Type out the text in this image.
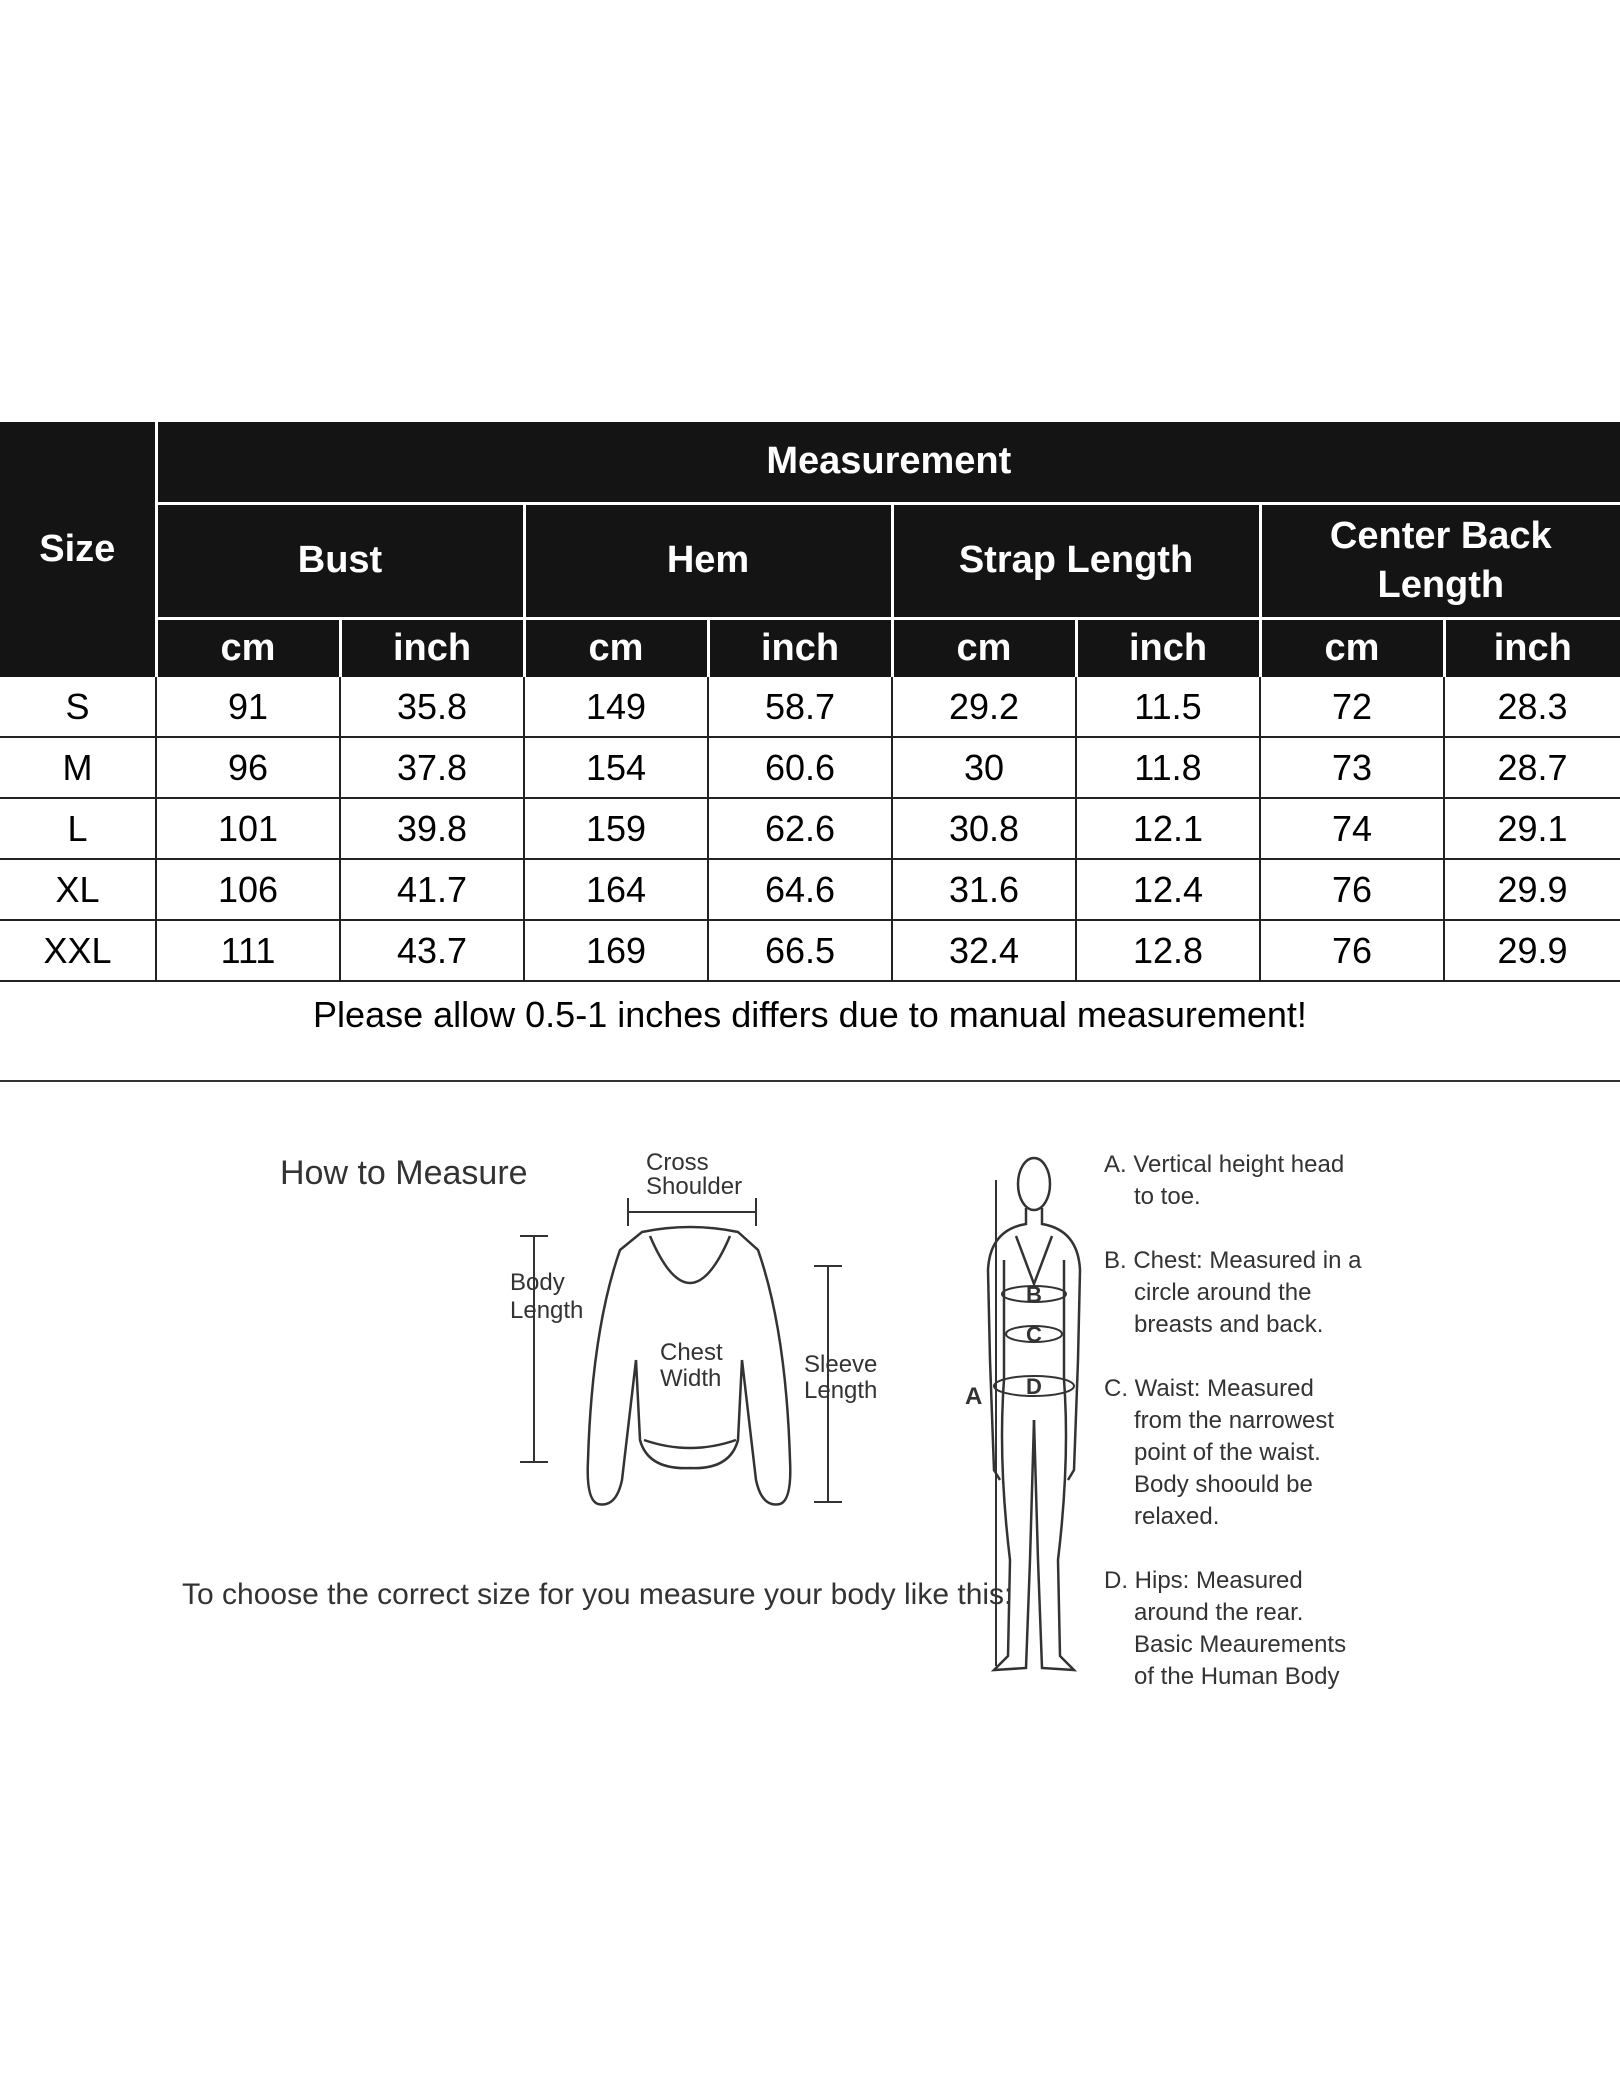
Size	Measurement							
	Bust		Hem		Strap Length		Center Back Length	
	cm	inch	cm	inch	cm	inch	cm	inch
S	91	35.8	149	58.7	29.2	11.5	72	28.3
M	96	37.8	154	60.6	30	11.8	73	28.7
L	101	39.8	159	62.6	30.8	12.1	74	29.1
XL	106	41.7	164	64.6	31.6	12.4	76	29.9
XXL	111	43.7	169	66.5	32.4	12.8	76	29.9
Please allow 0.5-1 inches differs due to manual measurement!
How to Measure	Cross
Shoulder
Body
Length
Chest
Width
Sleeve
Length
To choose the correct size for you measure your body like this:
A
B
C
D
A. Vertical height head
to toe.
B. Chest: Measured in a
circle around the
breasts and back.
C. Waist: Measured
from the narrowest
point of the waist.
Body shoould be
relaxed.
D. Hips: Measured
around the rear.
Basic Meaurements
of the Human Body
